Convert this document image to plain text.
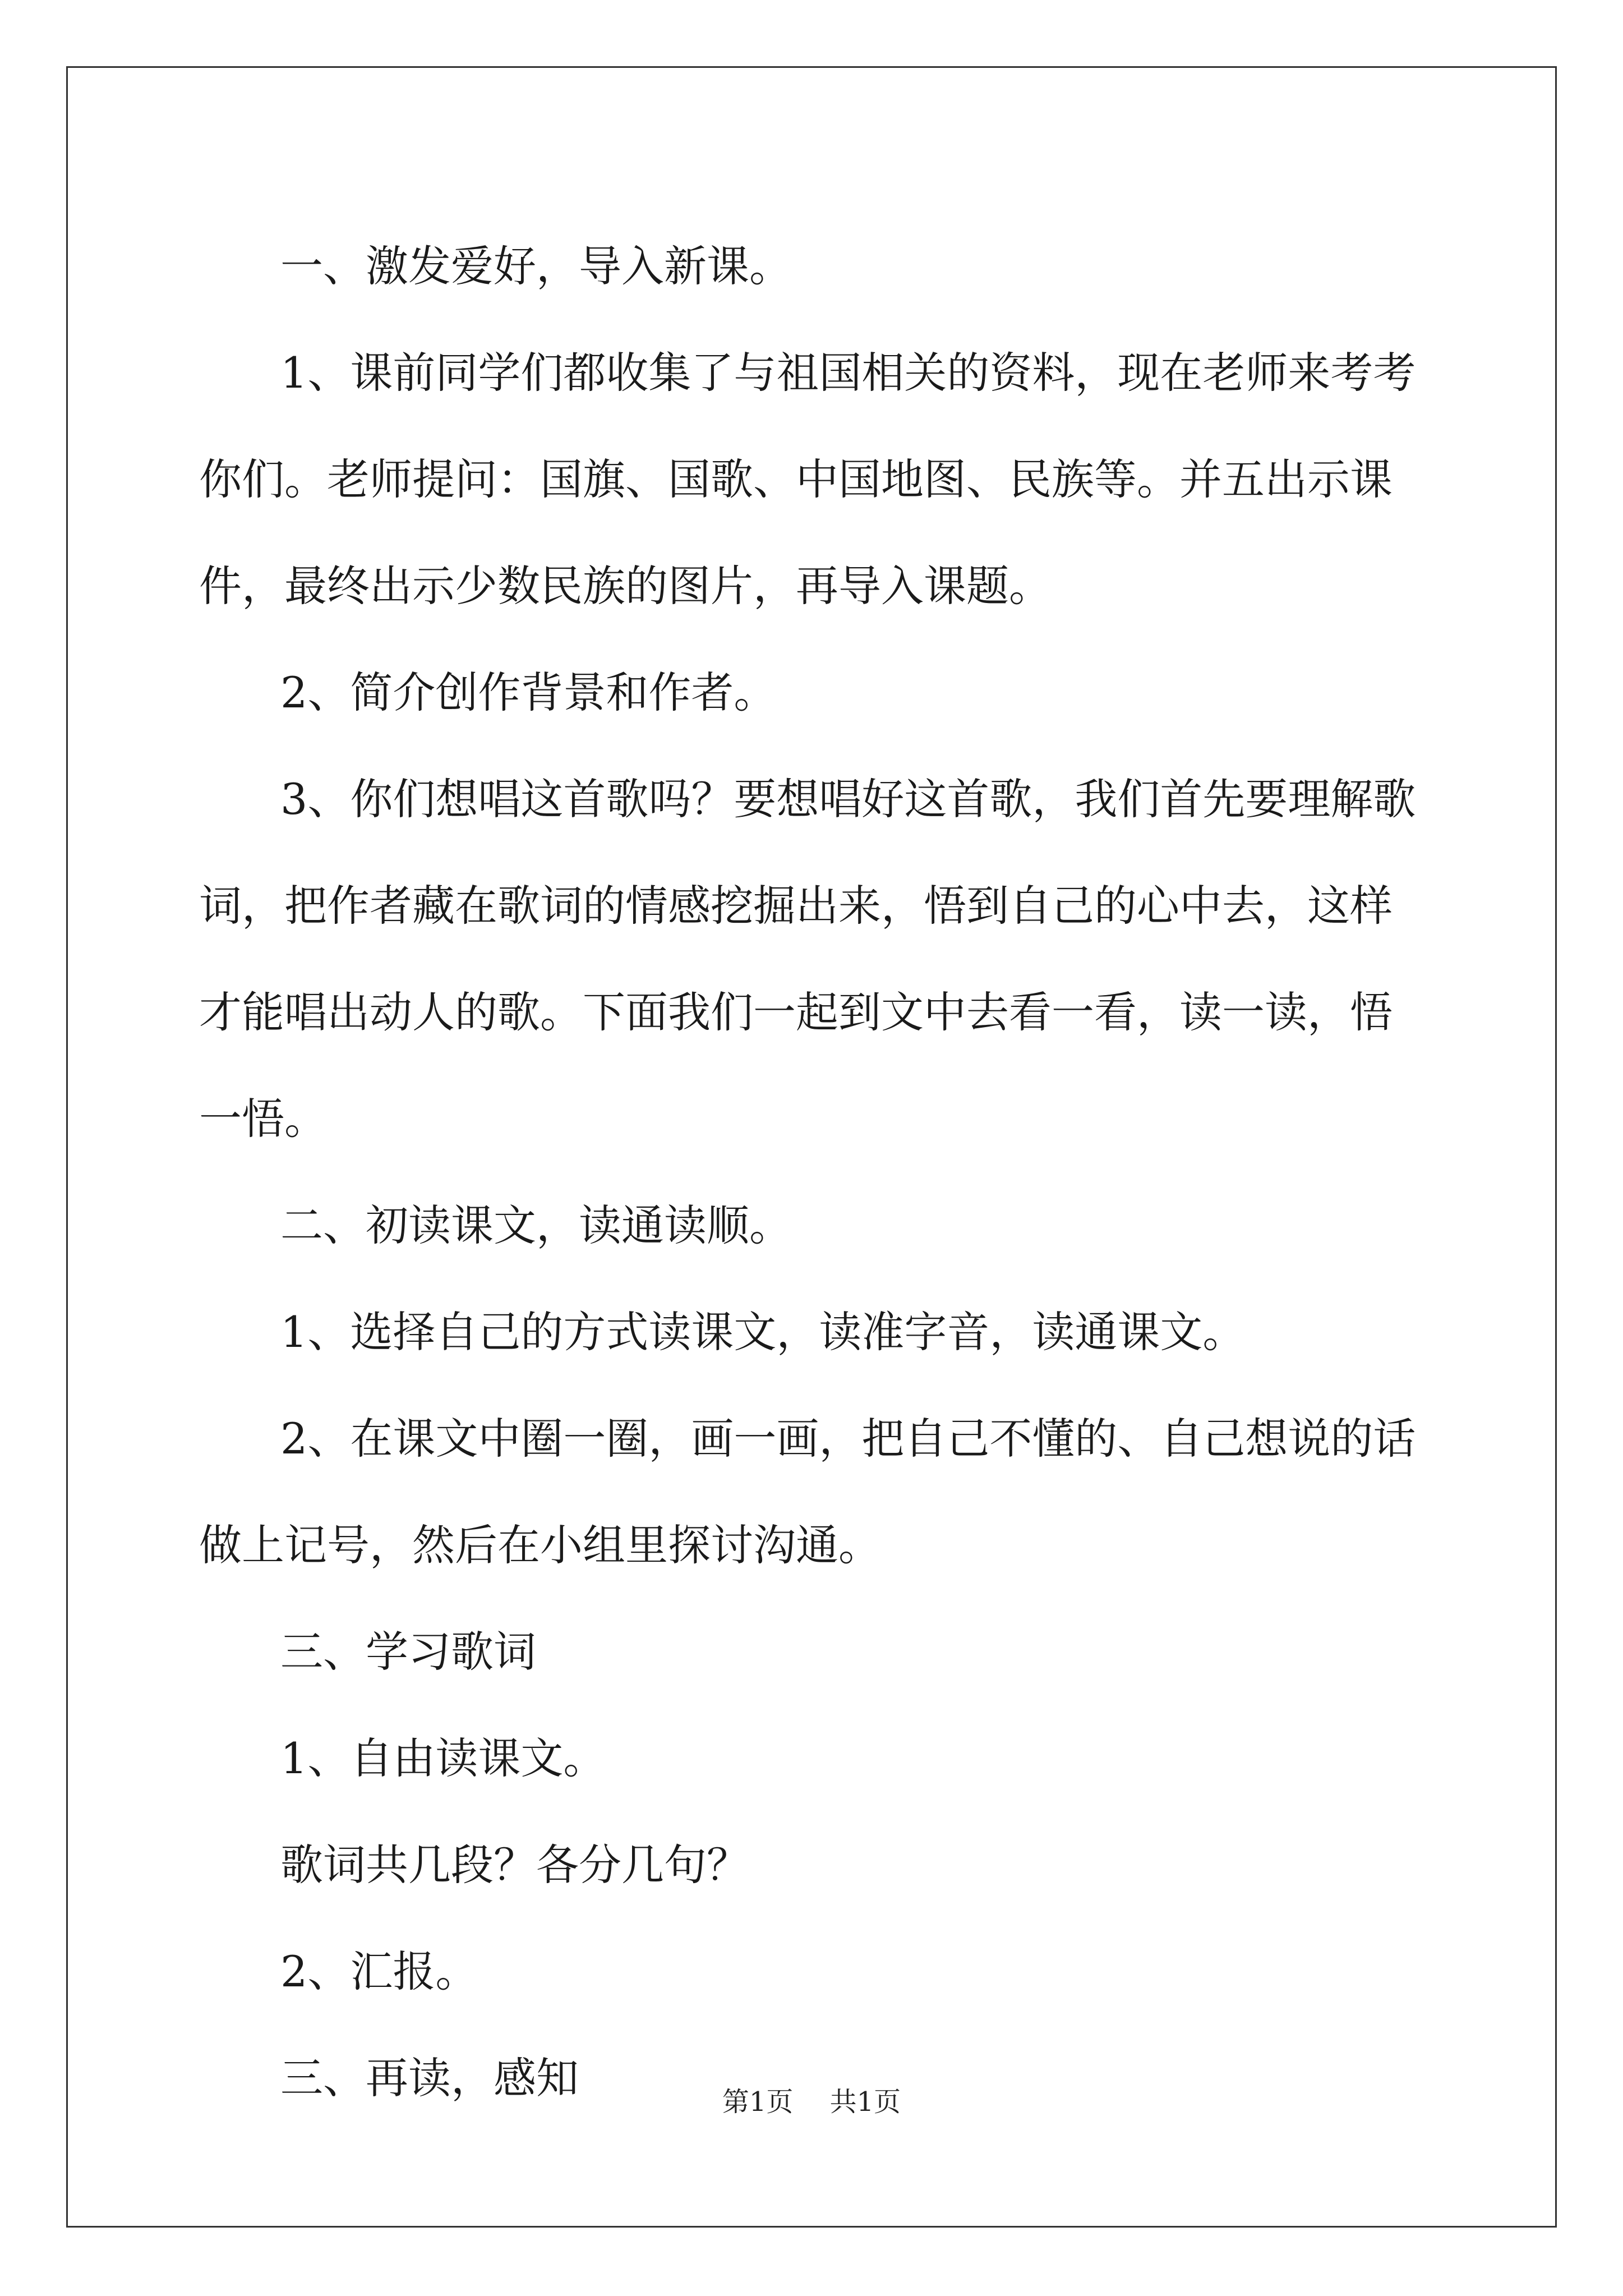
一、激发爱好，导入新课。

1、课前同学们都收集了与祖国相关的资料，现在老师来考考你们。老师提问：国旗、国歌、中国地图、民族等。并五出示课件，最终出示少数民族的图片，再导入课题。

2、简介创作背景和作者。

3、你们想唱这首歌吗？要想唱好这首歌，我们首先要理解歌词，把作者藏在歌词的情感挖掘出来，悟到自己的心中去，这样才能唱出动人的歌。下面我们一起到文中去看一看，读一读，悟一悟。

二、初读课文，读通读顺。

1、选择自己的方式读课文，读准字音，读通课文。

2、在课文中圈一圈，画一画，把自己不懂的、自己想说的话做上记号，然后在小组里探讨沟通。

三、学习歌词

1、自由读课文。

歌词共几段？各分几句？

2、汇报。

三、再读，感知	第1页 共1页
